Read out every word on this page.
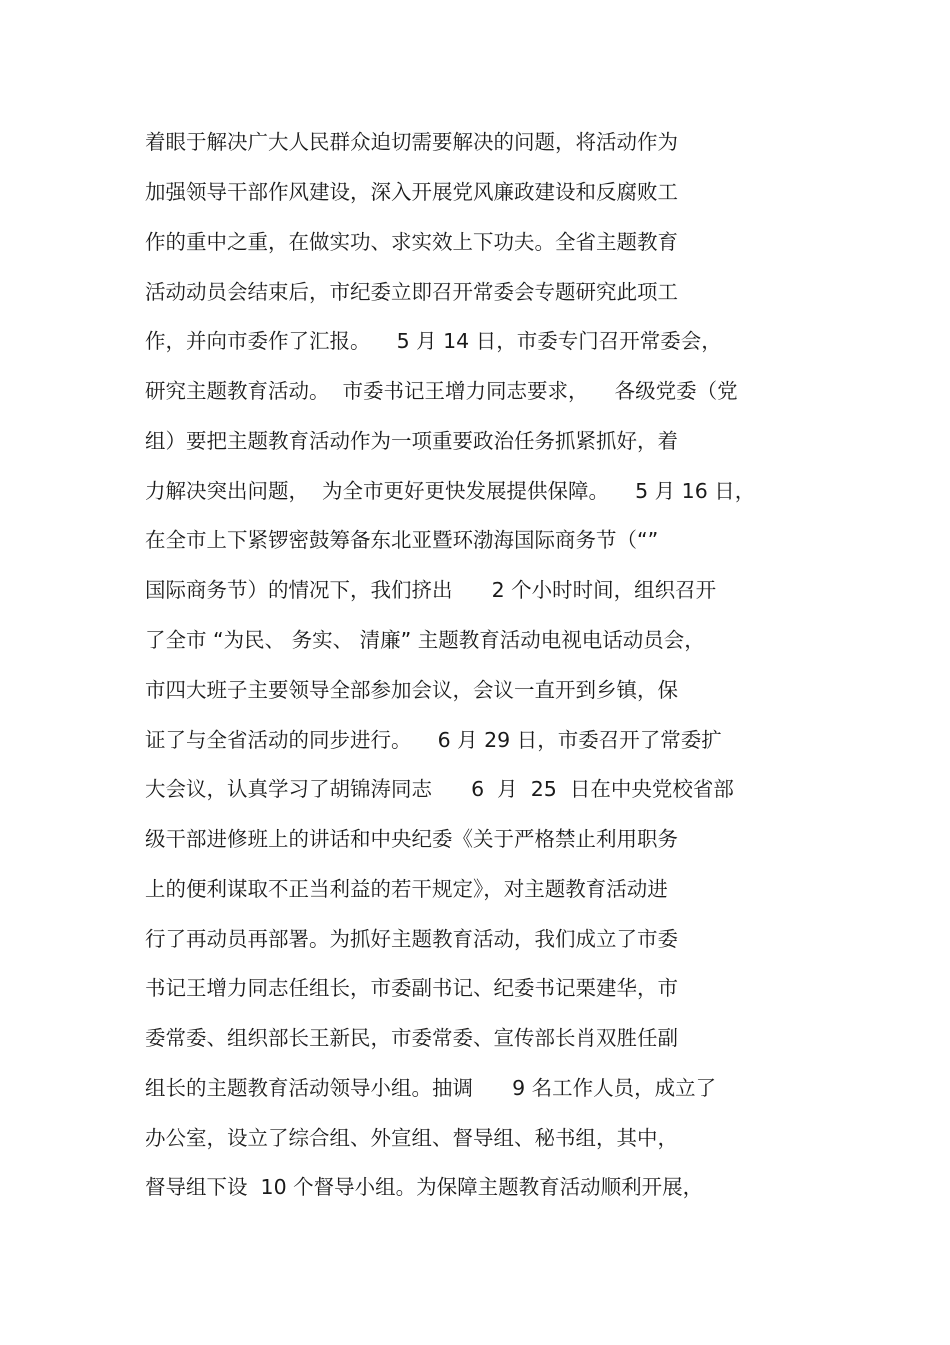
着眼于解决广大人民群众迫切需要解决的问题，将活动作为
加强领导干部作风建设，深入开展党风廉政建设和反腐败工
作的重中之重，在做实功、求实效上下功夫。全省主题教育
活动动员会结束后，市纪委立即召开常委会专题研究此项工
作，并向市委作了汇报。    5 月 14 日，市委专门召开常委会，
研究主题教育活动。  市委书记王增力同志要求，    各级党委（党
组）要把主题教育活动作为一项重要政治任务抓紧抓好，着
力解决突出问题，  为全市更好更快发展提供保障。    5 月 16 日，
在全市上下紧锣密鼓筹备东北亚暨环渤海国际商务节（“”
国际商务节）的情况下，我们挤出      2 个小时时间，组织召开
了全市 “为民、 务实、 清廉” 主题教育活动电视电话动员会，
市四大班子主要领导全部参加会议，会议一直开到乡镇，保
证了与全省活动的同步进行。    6 月 29 日，市委召开了常委扩
大会议，认真学习了胡锦涛同志      6  月  25  日在中央党校省部
级干部进修班上的讲话和中央纪委《关于严格禁止利用职务
上的便利谋取不正当利益的若干规定》，对主题教育活动进
行了再动员再部署。为抓好主题教育活动，我们成立了市委
书记王增力同志任组长，市委副书记、纪委书记栗建华，市
委常委、组织部长王新民，市委常委、宣传部长肖双胜任副
组长的主题教育活动领导小组。抽调      9 名工作人员，成立了
办公室，设立了综合组、外宣组、督导组、秘书组，其中，
督导组下设  10 个督导小组。为保障主题教育活动顺利开展，
